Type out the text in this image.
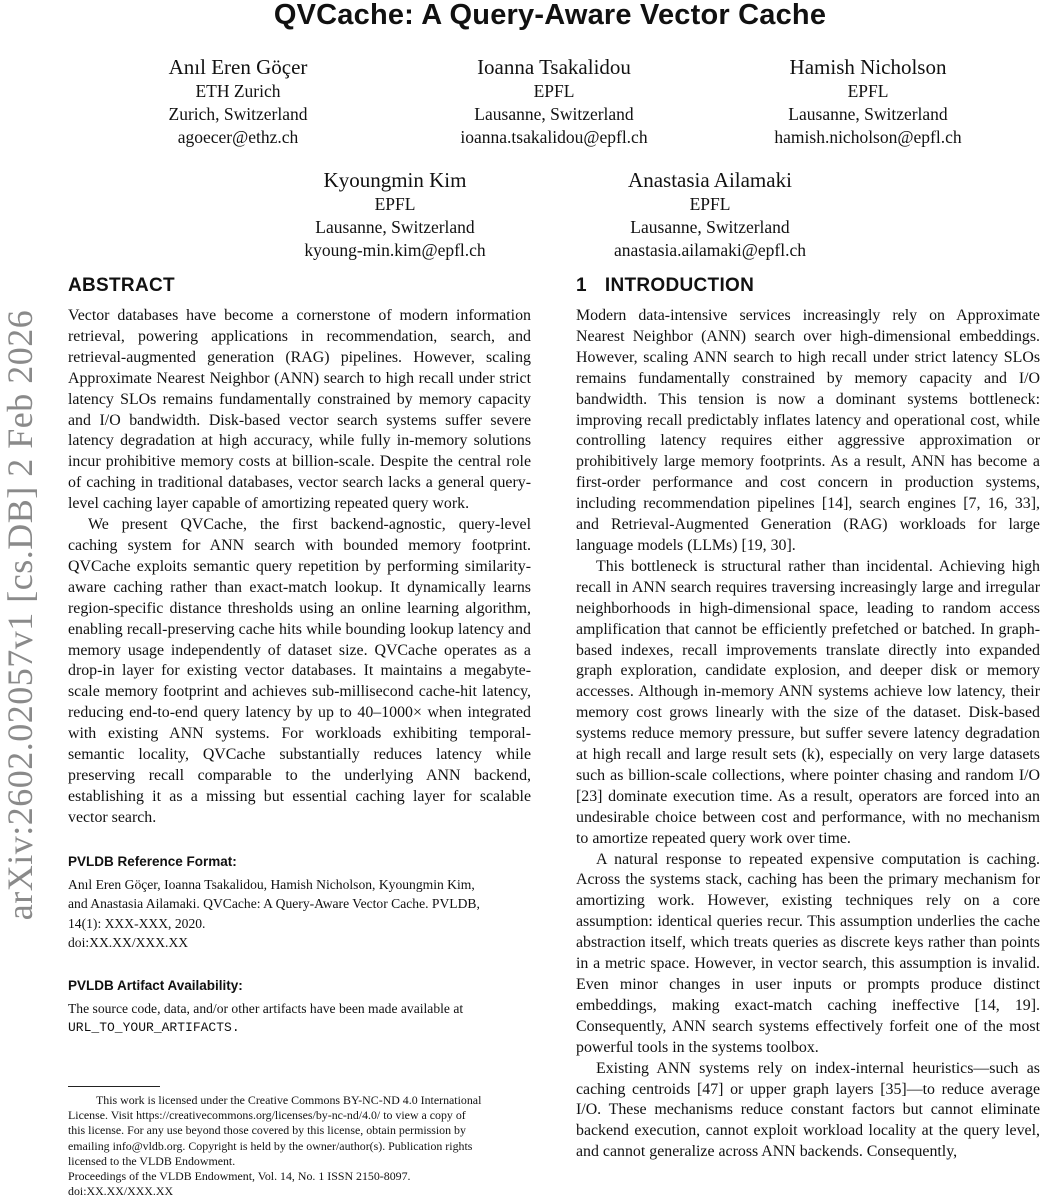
arXiv:2602.02057v1 [cs.DB] 2 Feb 2026
QVCache: A Query-Aware Vector Cache
Anıl Eren Göçer
ETH Zurich
Zurich, Switzerland
agoecer@ethz.ch
Ioanna Tsakalidou
EPFL
Lausanne, Switzerland
ioanna.tsakalidou@epfl.ch
Hamish Nicholson
EPFL
Lausanne, Switzerland
hamish.nicholson@epfl.ch
Kyoungmin Kim
EPFL
Lausanne, Switzerland
kyoung-min.kim@epfl.ch
Anastasia Ailamaki
EPFL
Lausanne, Switzerland
anastasia.ailamaki@epfl.ch
ABSTRACT

Vector databases have become a cornerstone of modern information retrieval, powering applications in recommendation, search, and retrieval-augmented generation (RAG) pipelines. However, scaling Approximate Nearest Neighbor (ANN) search to high recall under strict latency SLOs remains fundamentally constrained by memory capacity and I/O bandwidth. Disk-based vector search systems suffer severe latency degradation at high accuracy, while fully in-memory solutions incur prohibitive memory costs at billion-scale. Despite the central role of caching in traditional databases, vector search lacks a general query-level caching layer capable of amortizing repeated query work.

We present QVCache, the first backend-agnostic, query-level caching system for ANN search with bounded memory footprint. QVCache exploits semantic query repetition by performing similarity-aware caching rather than exact-match lookup. It dynamically learns region-specific distance thresholds using an online learning algorithm, enabling recall-preserving cache hits while bounding lookup latency and memory usage independently of dataset size. QVCache operates as a drop-in layer for existing vector databases. It maintains a megabyte-scale memory footprint and achieves sub-millisecond cache-hit latency, reducing end-to-end query latency by up to 40–1000× when integrated with existing ANN systems. For workloads exhibiting temporal-semantic locality, QVCache substantially reduces latency while preserving recall comparable to the underlying ANN backend, establishing it as a missing but essential caching layer for scalable vector search.

PVLDB Reference Format:
Anıl Eren Göçer, Ioanna Tsakalidou, Hamish Nicholson, Kyoungmin Kim,
and Anastasia Ailamaki. QVCache: A Query-Aware Vector Cache. PVLDB,
14(1): XXX-XXX, 2020.
doi:XX.XX/XXX.XX
PVLDB Artifact Availability:
The source code, data, and/or other artifacts have been made available at
URL_TO_YOUR_ARTIFACTS.
This work is licensed under the Creative Commons BY-NC-ND 4.0 International
License. Visit https://creativecommons.org/licenses/by-nc-nd/4.0/ to view a copy of
this license. For any use beyond those covered by this license, obtain permission by
emailing info@vldb.org. Copyright is held by the owner/author(s). Publication rights
licensed to the VLDB Endowment.
Proceedings of the VLDB Endowment, Vol. 14, No. 1 ISSN 2150-8097.
doi:XX.XX/XXX.XX
1 INTRODUCTION

Modern data-intensive services increasingly rely on Approximate Nearest Neighbor (ANN) search over high-dimensional embeddings. However, scaling ANN search to high recall under strict latency SLOs remains fundamentally constrained by memory capacity and I/O bandwidth. This tension is now a dominant systems bottleneck: improving recall predictably inflates latency and operational cost, while controlling latency requires either aggressive approximation or prohibitively large memory footprints. As a result, ANN has become a first-order performance and cost concern in production systems, including recommendation pipelines [14], search engines [7, 16, 33], and Retrieval-Augmented Generation (RAG) workloads for large language models (LLMs) [19, 30].

This bottleneck is structural rather than incidental. Achieving high recall in ANN search requires traversing increasingly large and irregular neighborhoods in high-dimensional space, leading to random access amplification that cannot be efficiently prefetched or batched. In graph-based indexes, recall improvements translate directly into expanded graph exploration, candidate explosion, and deeper disk or memory accesses. Although in-memory ANN systems achieve low latency, their memory cost grows linearly with the size of the dataset. Disk-based systems reduce memory pressure, but suffer severe latency degradation at high recall and large result sets (k), especially on very large datasets such as billion-scale collections, where pointer chasing and random I/O [23] dominate execution time. As a result, operators are forced into an undesirable choice between cost and performance, with no mechanism to amortize repeated query work over time.

A natural response to repeated expensive computation is caching. Across the systems stack, caching has been the primary mechanism for amortizing work. However, existing techniques rely on a core assumption: identical queries recur. This assumption underlies the cache abstraction itself, which treats queries as discrete keys rather than points in a metric space. However, in vector search, this assumption is invalid. Even minor changes in user inputs or prompts produce distinct embeddings, making exact-match caching ineffective [14, 19]. Consequently, ANN search systems effectively forfeit one of the most powerful tools in the systems toolbox.

Existing ANN systems rely on index-internal heuristics—such as caching centroids [47] or upper graph layers [35]—to reduce average I/O. These mechanisms reduce constant factors but cannot eliminate backend execution, cannot exploit workload locality at the query level, and cannot generalize across ANN backends. Consequently,
